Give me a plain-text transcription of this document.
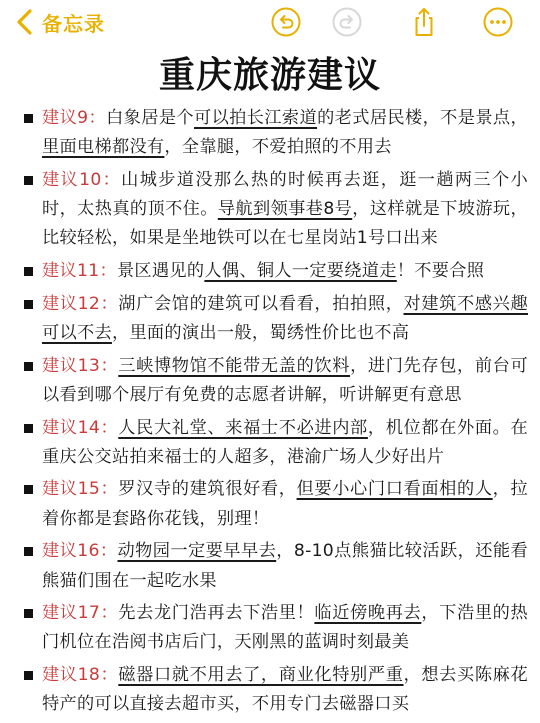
备忘录
重庆旅游建议
建议9：白象居是个可以拍长江索道的老式居民楼，不是景点，里面电梯都没有，全靠腿，不爱拍照的不用去
建议10：山城步道没那么热的时候再去逛，逛一趟两三个小时，太热真的顶不住。导航到领事巷8号，这样就是下坡游玩，比较轻松，如果是坐地铁可以在七星岗站1号口出来
建议11：景区遇见的人偶、铜人一定要绕道走！不要合照
建议12：湖广会馆的建筑可以看看，拍拍照，对建筑不感兴趣可以不去，里面的演出一般，蜀绣性价比也不高
建议13：三峡博物馆不能带无盖的饮料，进门先存包，前台可以看到哪个展厅有免费的志愿者讲解，听讲解更有意思
建议14：人民大礼堂、来福士不必进内部，机位都在外面。在重庆公交站拍来福士的人超多，港渝广场人少好出片
建议15：罗汉寺的建筑很好看，但要小心门口看面相的人，拉着你都是套路你花钱，别理！
建议16：动物园一定要早早去，8-10点熊猫比较活跃，还能看熊猫们围在一起吃水果
建议17：先去龙门浩再去下浩里！临近傍晚再去，下浩里的热门机位在浩阅书店后门，天刚黑的蓝调时刻最美
建议18：磁器口就不用去了，商业化特别严重，想去买陈麻花特产的可以直接去超市买，不用专门去磁器口买
